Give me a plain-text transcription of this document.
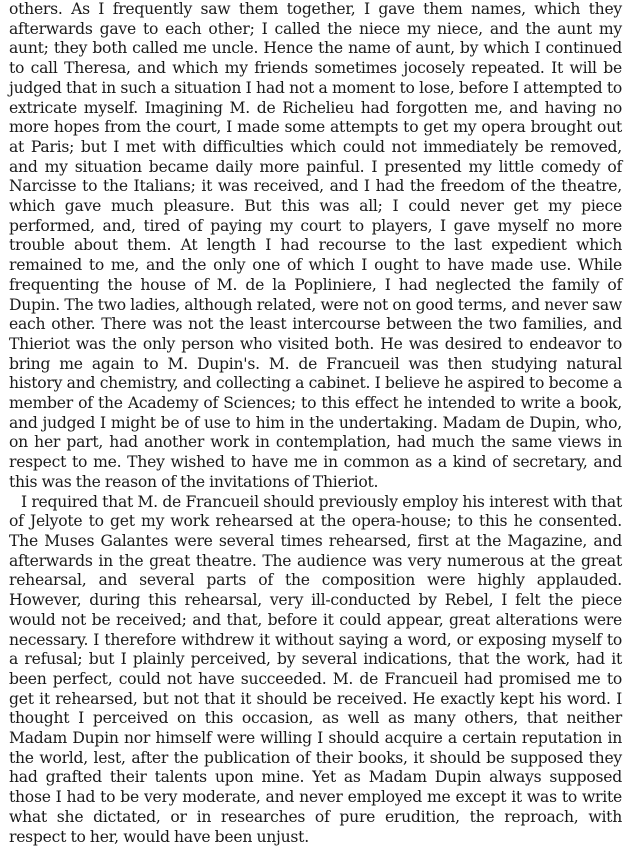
others. As I frequently saw them together, I gave them names, which they afterwards gave to each other; I called the niece my niece, and the aunt my aunt; they both called me uncle. Hence the name of aunt, by which I continued to call Theresa, and which my friends sometimes jocosely repeated. It will be judged that in such a situation I had not a moment to lose, before I attempted to extricate myself. Imagining M. de Richelieu had forgotten me, and having no more hopes from the court, I made some attempts to get my opera brought out at Paris; but I met with difficulties which could not immediately be removed, and my situation became daily more painful. I presented my little comedy of Narcisse to the Italians; it was received, and I had the freedom of the theatre, which gave much pleasure. But this was all; I could never get my piece performed, and, tired of paying my court to players, I gave myself no more trouble about them. At length I had recourse to the last expedient which remained to me, and the only one of which I ought to have made use. While frequenting the house of M. de la Popliniere, I had neglected the family of Dupin. The two ladies, although related, were not on good terms, and never saw each other. There was not the least intercourse between the two families, and Thieriot was the only person who visited both. He was desired to endeavor to bring me again to M. Dupin's. M. de Francueil was then studying natural history and chemistry, and collecting a cabinet. I believe he aspired to become a member of the Academy of Sciences; to this effect he intended to write a book, and judged I might be of use to him in the undertaking. Madam de Dupin, who, on her part, had another work in contemplation, had much the same views in respect to me. They wished to have me in common as a kind of secretary, and this was the reason of the invitations of Thieriot.

I required that M. de Francueil should previously employ his interest with that of Jelyote to get my work rehearsed at the opera-house; to this he consented. The Muses Galantes were several times rehearsed, first at the Magazine, and afterwards in the great theatre. The audience was very numerous at the great rehearsal, and several parts of the composition were highly applauded. However, during this rehearsal, very ill-conducted by Rebel, I felt the piece would not be received; and that, before it could appear, great alterations were necessary. I therefore withdrew it without saying a word, or exposing myself to a refusal; but I plainly perceived, by several indications, that the work, had it been perfect, could not have succeeded. M. de Francueil had promised me to get it rehearsed, but not that it should be received. He exactly kept his word. I thought I perceived on this occasion, as well as many others, that neither Madam Dupin nor himself were willing I should acquire a certain reputation in the world, lest, after the publication of their books, it should be supposed they had grafted their talents upon mine. Yet as Madam Dupin always supposed those I had to be very moderate, and never employed me except it was to write what she dictated, or in researches of pure erudition, the reproach, with respect to her, would have been unjust.
